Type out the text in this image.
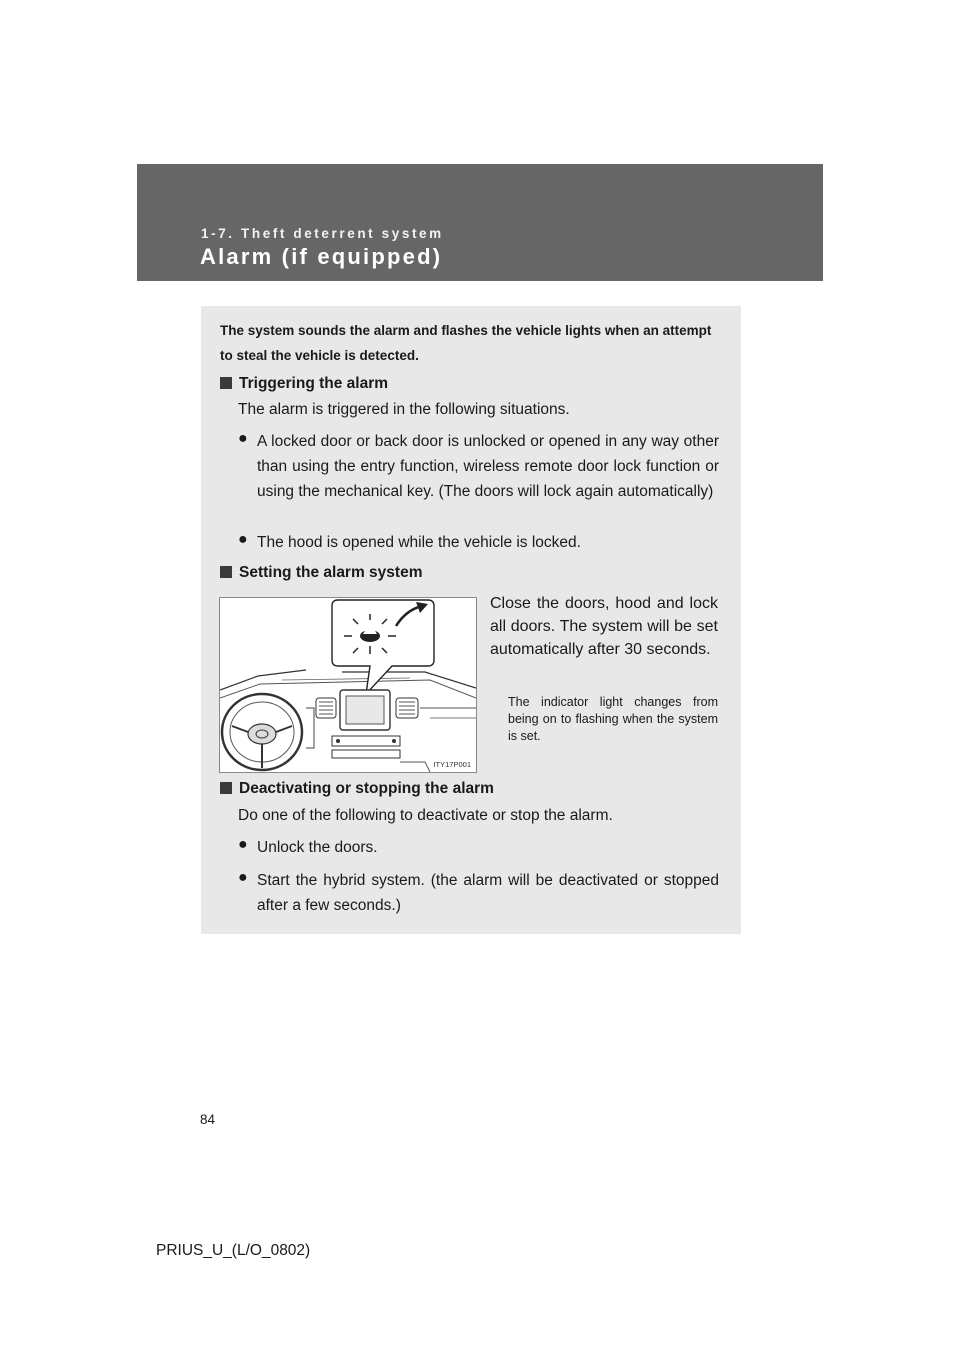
1-7. Theft deterrent system
Alarm (if equipped)
The system sounds the alarm and flashes the vehicle lights when an attempt to steal the vehicle is detected.
Triggering the alarm
The alarm is triggered in the following situations.
● A locked door or back door is unlocked or opened in any way other than using the entry function, wireless remote door lock function or using the mechanical key. (The doors will lock again automatically)
● The hood is opened while the vehicle is locked.
Setting the alarm system
ITY17P001
Close the doors, hood and lock all doors. The system will be set automatically after 30 seconds.
The indicator light changes from being on to flashing when the system is set.
Deactivating or stopping the alarm
Do one of the following to deactivate or stop the alarm.
● Unlock the doors.
● Start the hybrid system. (the alarm will be deactivated or stopped after a few seconds.)
84
PRIUS_U_(L/O_0802)
